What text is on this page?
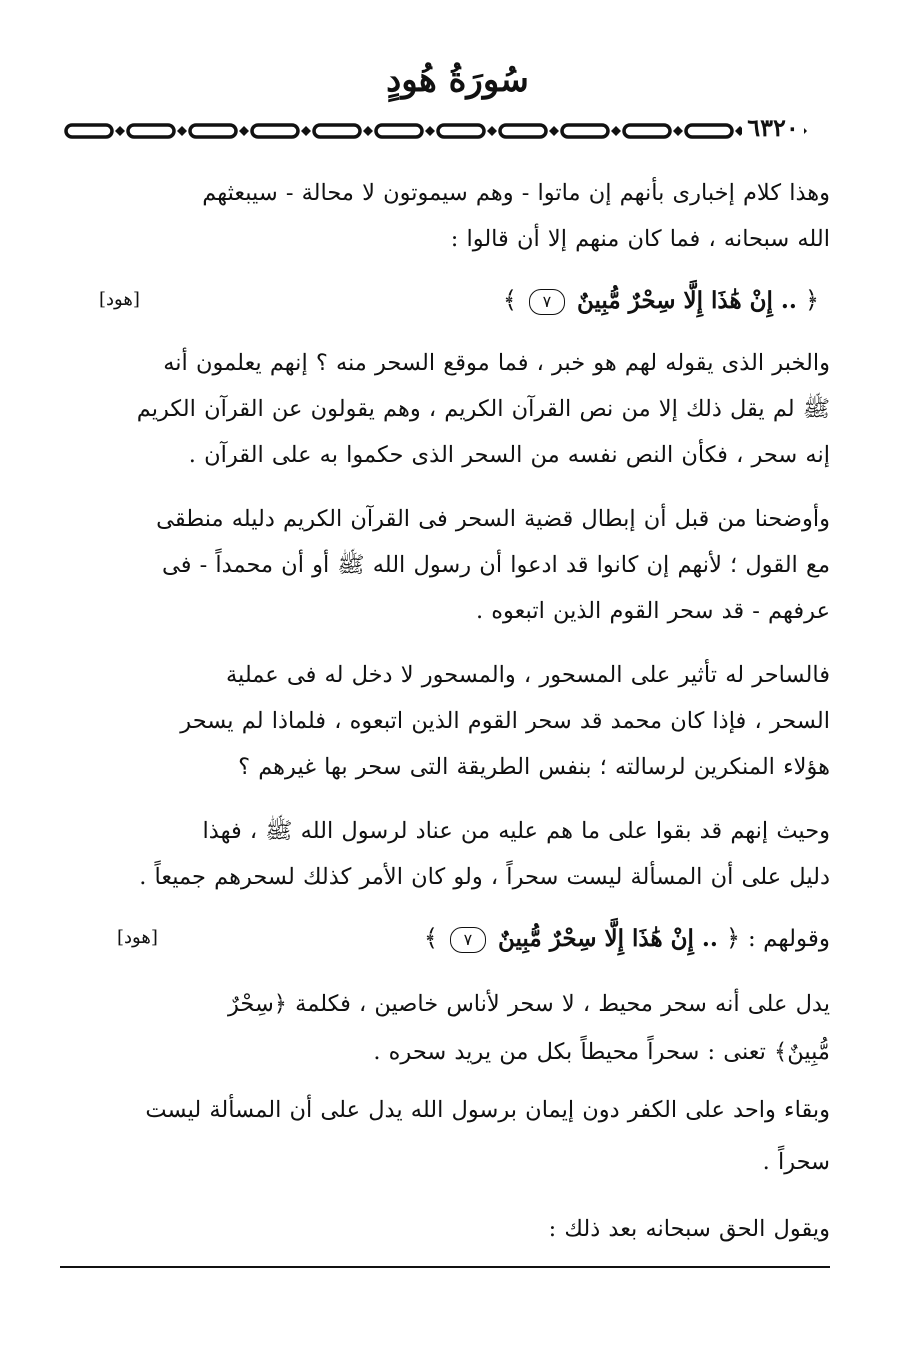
سُورَةُ هُودٍ
٦٣٢٠

وهذا كلام إخبارى بأنهم إن ماتوا - وهم سيموتون لا محالة - سيبعثهم

الله سبحانه ، فما كان منهم إلا أن قالوا :

﴿ .. إِنْ هَٰذَا إِلَّا سِحْرٌ مُّبِينٌ ٧ ﴾
[هود]

والخبر الذى يقوله لهم هو خبر ، فما موقع السحر منه ؟ إنهم يعلمون أنه

ﷺ لم يقل ذلك إلا من نص القرآن الكريم ، وهم يقولون عن القرآن الكريم

إنه سحر ، فكأن النص نفسه من السحر الذى حكموا به على القرآن .

وأوضحنا من قبل أن إبطال قضية السحر فى القرآن الكريم دليله منطقى

مع القول ؛ لأنهم إن كانوا قد ادعوا أن رسول الله ﷺ أو أن محمداً - فى

عرفهم - قد سحر القوم الذين اتبعوه .

فالساحر له تأثير على المسحور ، والمسحور لا دخل له فى عملية

السحر ، فإذا كان محمد قد سحر القوم الذين اتبعوه ، فلماذا لم يسحر

هؤلاء المنكرين لرسالته ؛ بنفس الطريقة التى سحر بها غيرهم ؟

وحيث إنهم قد بقوا على ما هم عليه من عناد لرسول الله ﷺ ، فهذا

دليل على أن المسألة ليست سحراً ، ولو كان الأمر كذلك لسحرهم جميعاً .

وقولهم : ﴿ .. إِنْ هَٰذَا إِلَّا سِحْرٌ مُّبِينٌ ٧ ﴾
[هود]

يدل على أنه سحر محيط ، لا سحر لأناس خاصين ، فكلمة ﴿سِحْرٌ

مُّبِينٌ﴾ تعنى : سحراً محيطاً بكل من يريد سحره .

وبقاء واحد على الكفر دون إيمان برسول الله يدل على أن المسألة ليست

سحراً .

ويقول الحق سبحانه بعد ذلك :
